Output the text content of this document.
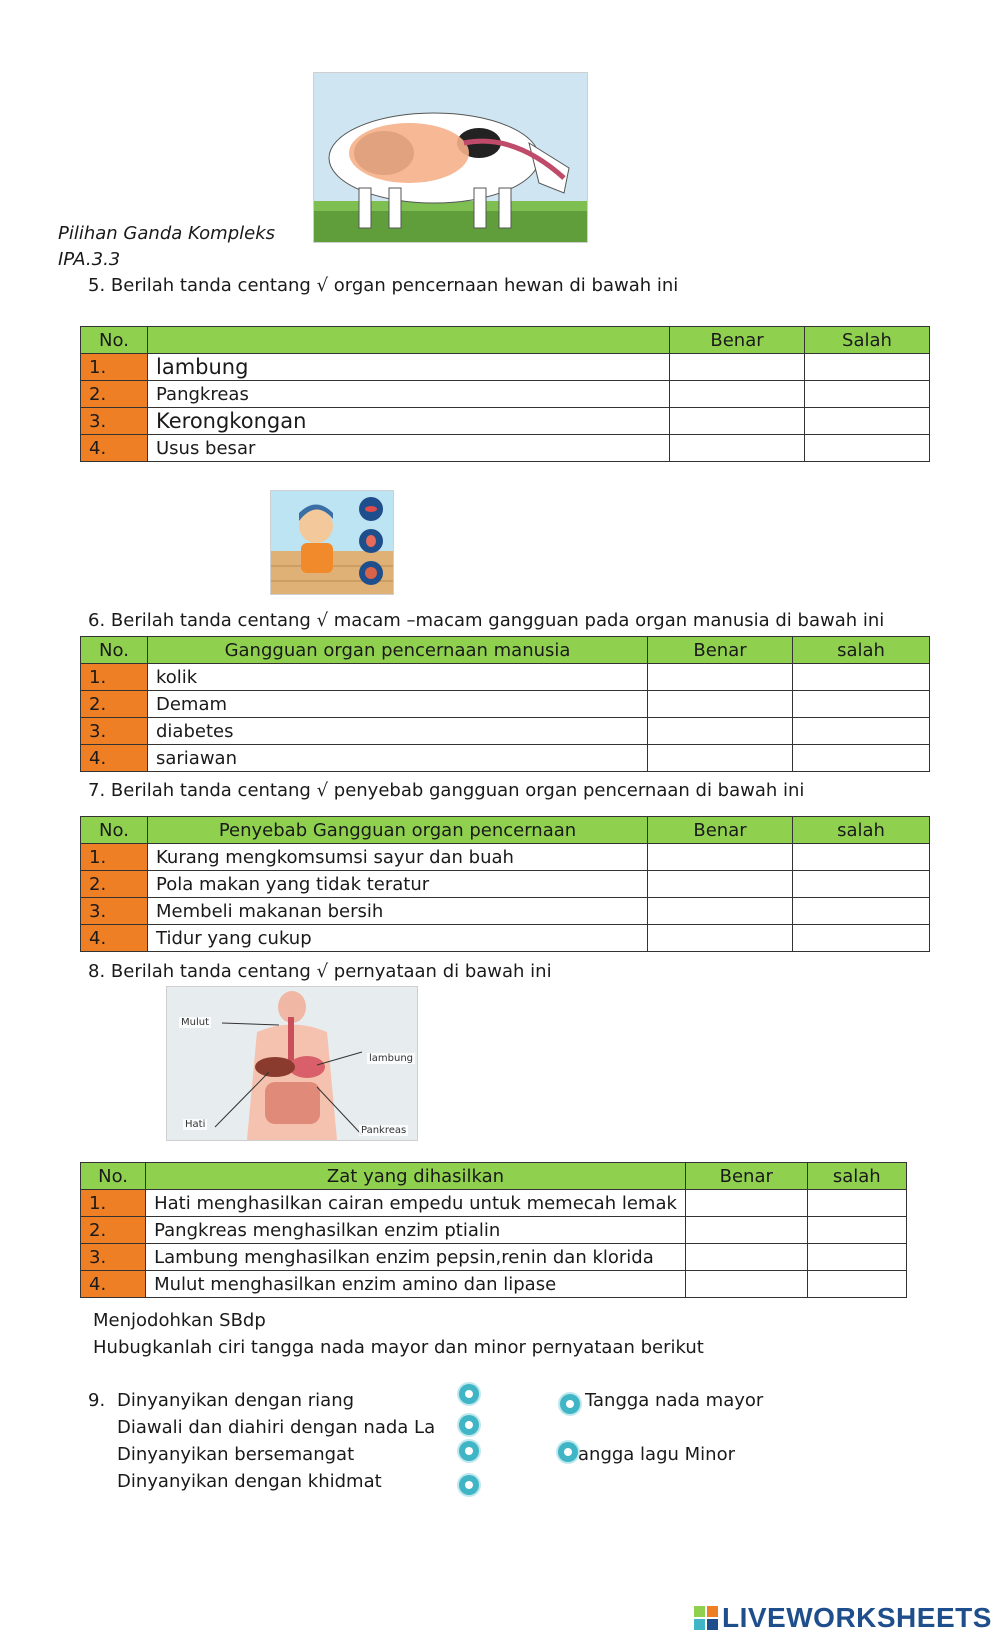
Pilihan Ganda Kompleks
IPA.3.3
5. Berilah tanda centang √ organ pencernaan hewan di bawah ini
No.		Benar	Salah
1.	lambung		
2.	Pangkreas		
3.	Kerongkongan		
4.	Usus besar		
6. Berilah tanda centang √ macam –macam gangguan pada organ manusia di bawah ini
No.	Gangguan organ pencernaan manusia	Benar	salah
1.	kolik		
2.	Demam		
3.	diabetes		
4.	sariawan		
7. Berilah tanda centang √ penyebab gangguan organ pencernaan di bawah ini
No.	Penyebab Gangguan organ pencernaan	Benar	salah
1.	Kurang mengkomsumsi sayur dan buah		
2.	Pola makan yang tidak teratur		
3.	Membeli makanan bersih		
4.	Tidur yang cukup		
8. Berilah tanda centang √ pernyataan di bawah ini
Mulut
lambung
Hati
Pankreas
No.	Zat yang dihasilkan	Benar	salah
1.	Hati menghasilkan cairan empedu untuk memecah lemak		
2.	Pangkreas menghasilkan enzim ptialin		
3.	Lambung menghasilkan enzim pepsin,renin dan klorida		
4.	Mulut menghasilkan enzim amino dan lipase		
Menjodohkan SBdp
Hubugkanlah ciri tangga nada mayor dan minor pernyataan berikut
9. Dinyanyikan dengan riang
Diawali dan diahiri dengan nada La
Dinyanyikan bersemangat
Dinyanyikan dengan khidmat
Tangga nada mayor
angga lagu Minor
LIVEWORKSHEETS
